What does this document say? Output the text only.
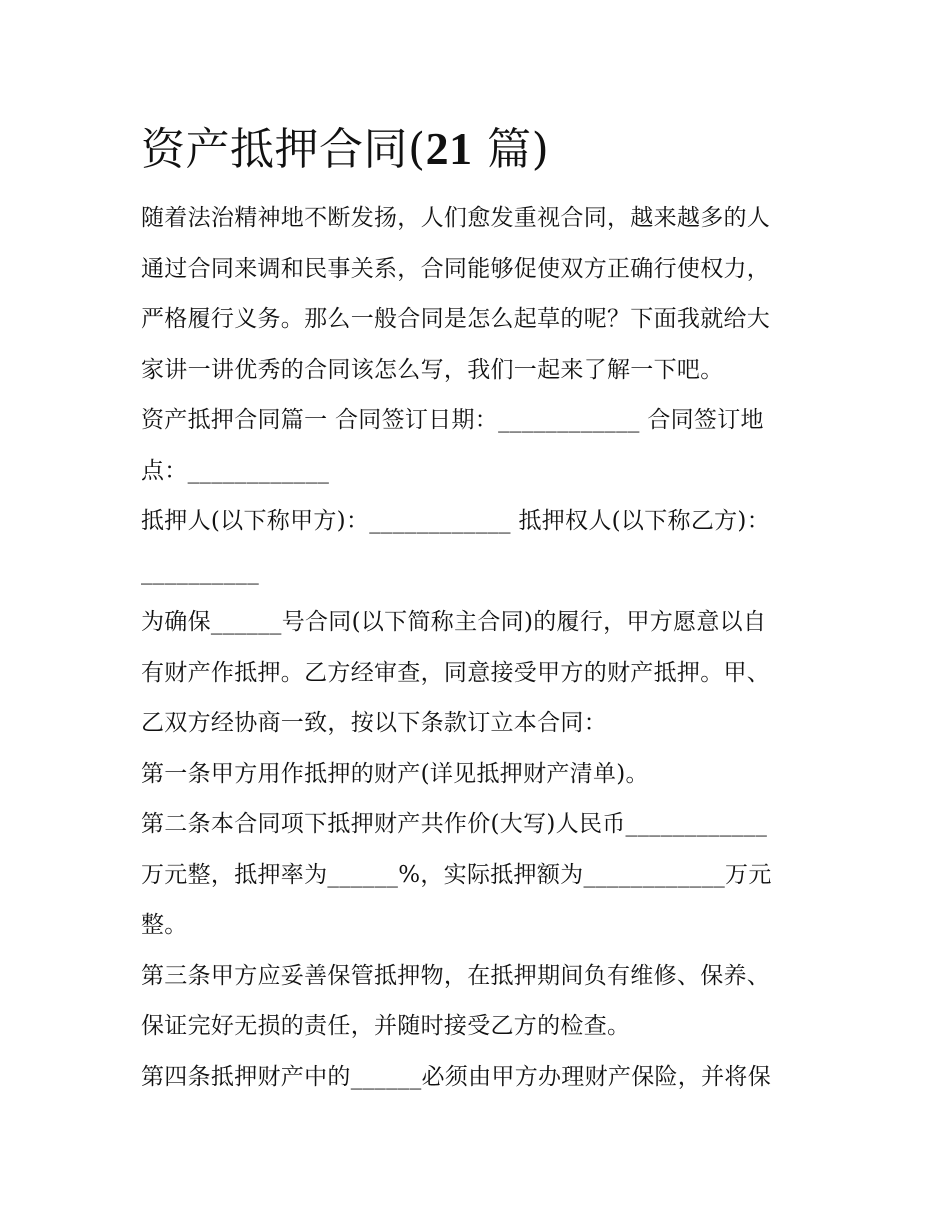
资产抵押合同(21 篇)
随着法治精神地不断发扬，人们愈发重视合同，越来越多的人
通过合同来调和民事关系，合同能够促使双方正确行使权力，
严格履行义务。那么一般合同是怎么起草的呢？下面我就给大
家讲一讲优秀的合同该怎么写，我们一起来了解一下吧。
资产抵押合同篇一 合同签订日期：____________ 合同签订地
点：____________
抵押人(以下称甲方)：____________ 抵押权人(以下称乙方)：
__________
为确保______号合同(以下简称主合同)的履行，甲方愿意以自
有财产作抵押。乙方经审查，同意接受甲方的财产抵押。甲、
乙双方经协商一致，按以下条款订立本合同：
第一条甲方用作抵押的财产(详见抵押财产清单)。
第二条本合同项下抵押财产共作价(大写)人民币____________
万元整，抵押率为______%，实际抵押额为____________万元
整。
第三条甲方应妥善保管抵押物，在抵押期间负有维修、保养、
保证完好无损的责任，并随时接受乙方的检查。
第四条抵押财产中的______必须由甲方办理财产保险，并将保
